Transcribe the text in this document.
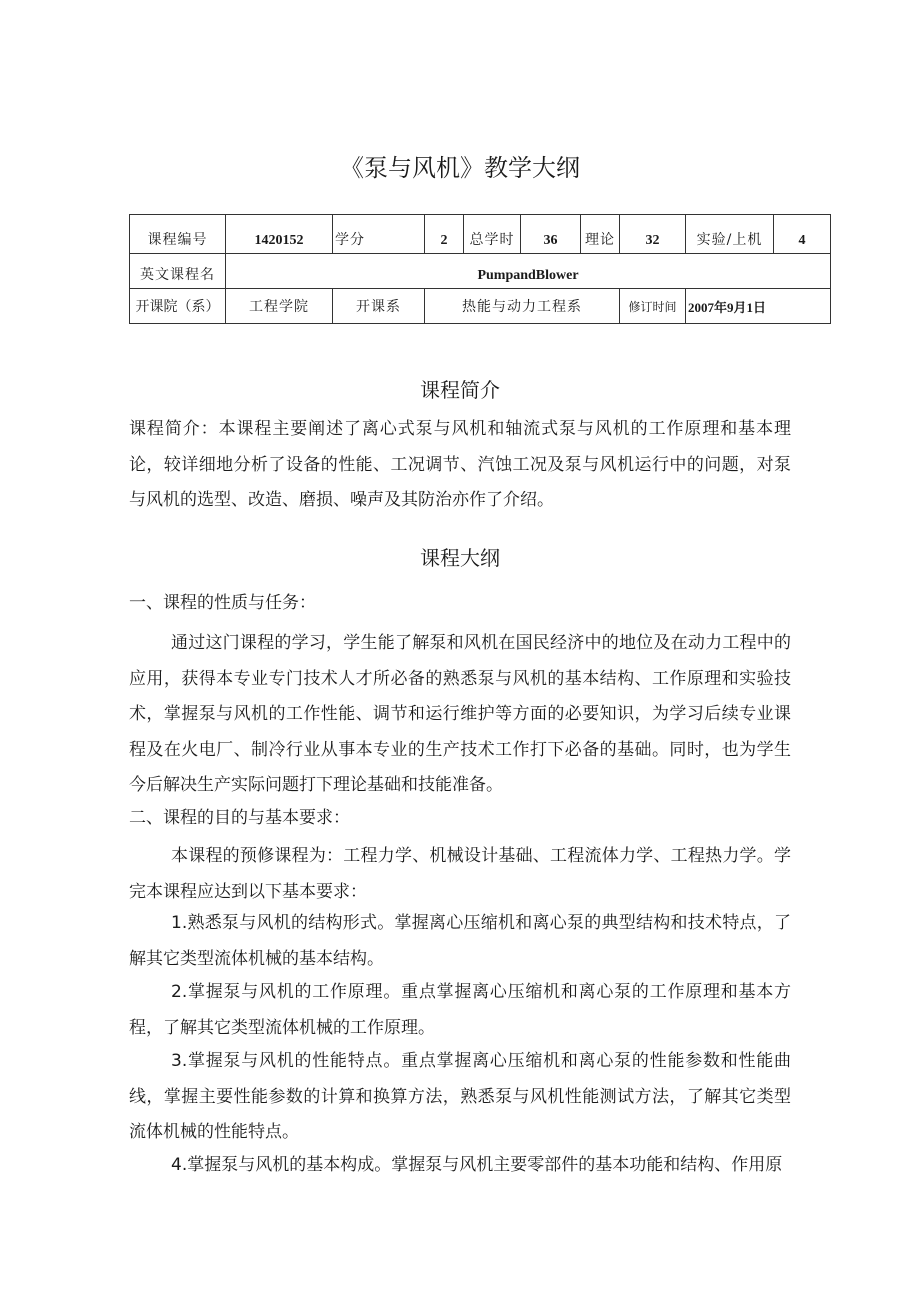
《泵与风机》教学大纲
课程编号	1420152	学分	2	总学时	36	理论	32	实验/上机	4
英文课程名	PumpandBlower								
开课院（系）	工程学院	开课系	热能与动力工程系				修订时间	2007年9月1日	
课程简介
课程简介：本课程主要阐述了离心式泵与风机和轴流式泵与风机的工作原理和基本理论，较详细地分析了设备的性能、工况调节、汽蚀工况及泵与风机运行中的问题，对泵与风机的选型、改造、磨损、噪声及其防治亦作了介绍。
课程大纲
一、课程的性质与任务：
通过这门课程的学习，学生能了解泵和风机在国民经济中的地位及在动力工程中的应用，获得本专业专门技术人才所必备的熟悉泵与风机的基本结构、工作原理和实验技术，掌握泵与风机的工作性能、调节和运行维护等方面的必要知识，为学习后续专业课程及在火电厂、制冷行业从事本专业的生产技术工作打下必备的基础。同时，也为学生今后解决生产实际问题打下理论基础和技能准备。
二、课程的目的与基本要求：
本课程的预修课程为：工程力学、机械设计基础、工程流体力学、工程热力学。学完本课程应达到以下基本要求：
1.熟悉泵与风机的结构形式。掌握离心压缩机和离心泵的典型结构和技术特点，了解其它类型流体机械的基本结构。
2.掌握泵与风机的工作原理。重点掌握离心压缩机和离心泵的工作原理和基本方程，了解其它类型流体机械的工作原理。
3.掌握泵与风机的性能特点。重点掌握离心压缩机和离心泵的性能参数和性能曲线，掌握主要性能参数的计算和换算方法，熟悉泵与风机性能测试方法，了解其它类型流体机械的性能特点。
4.掌握泵与风机的基本构成。掌握泵与风机主要零部件的基本功能和结构、作用原
